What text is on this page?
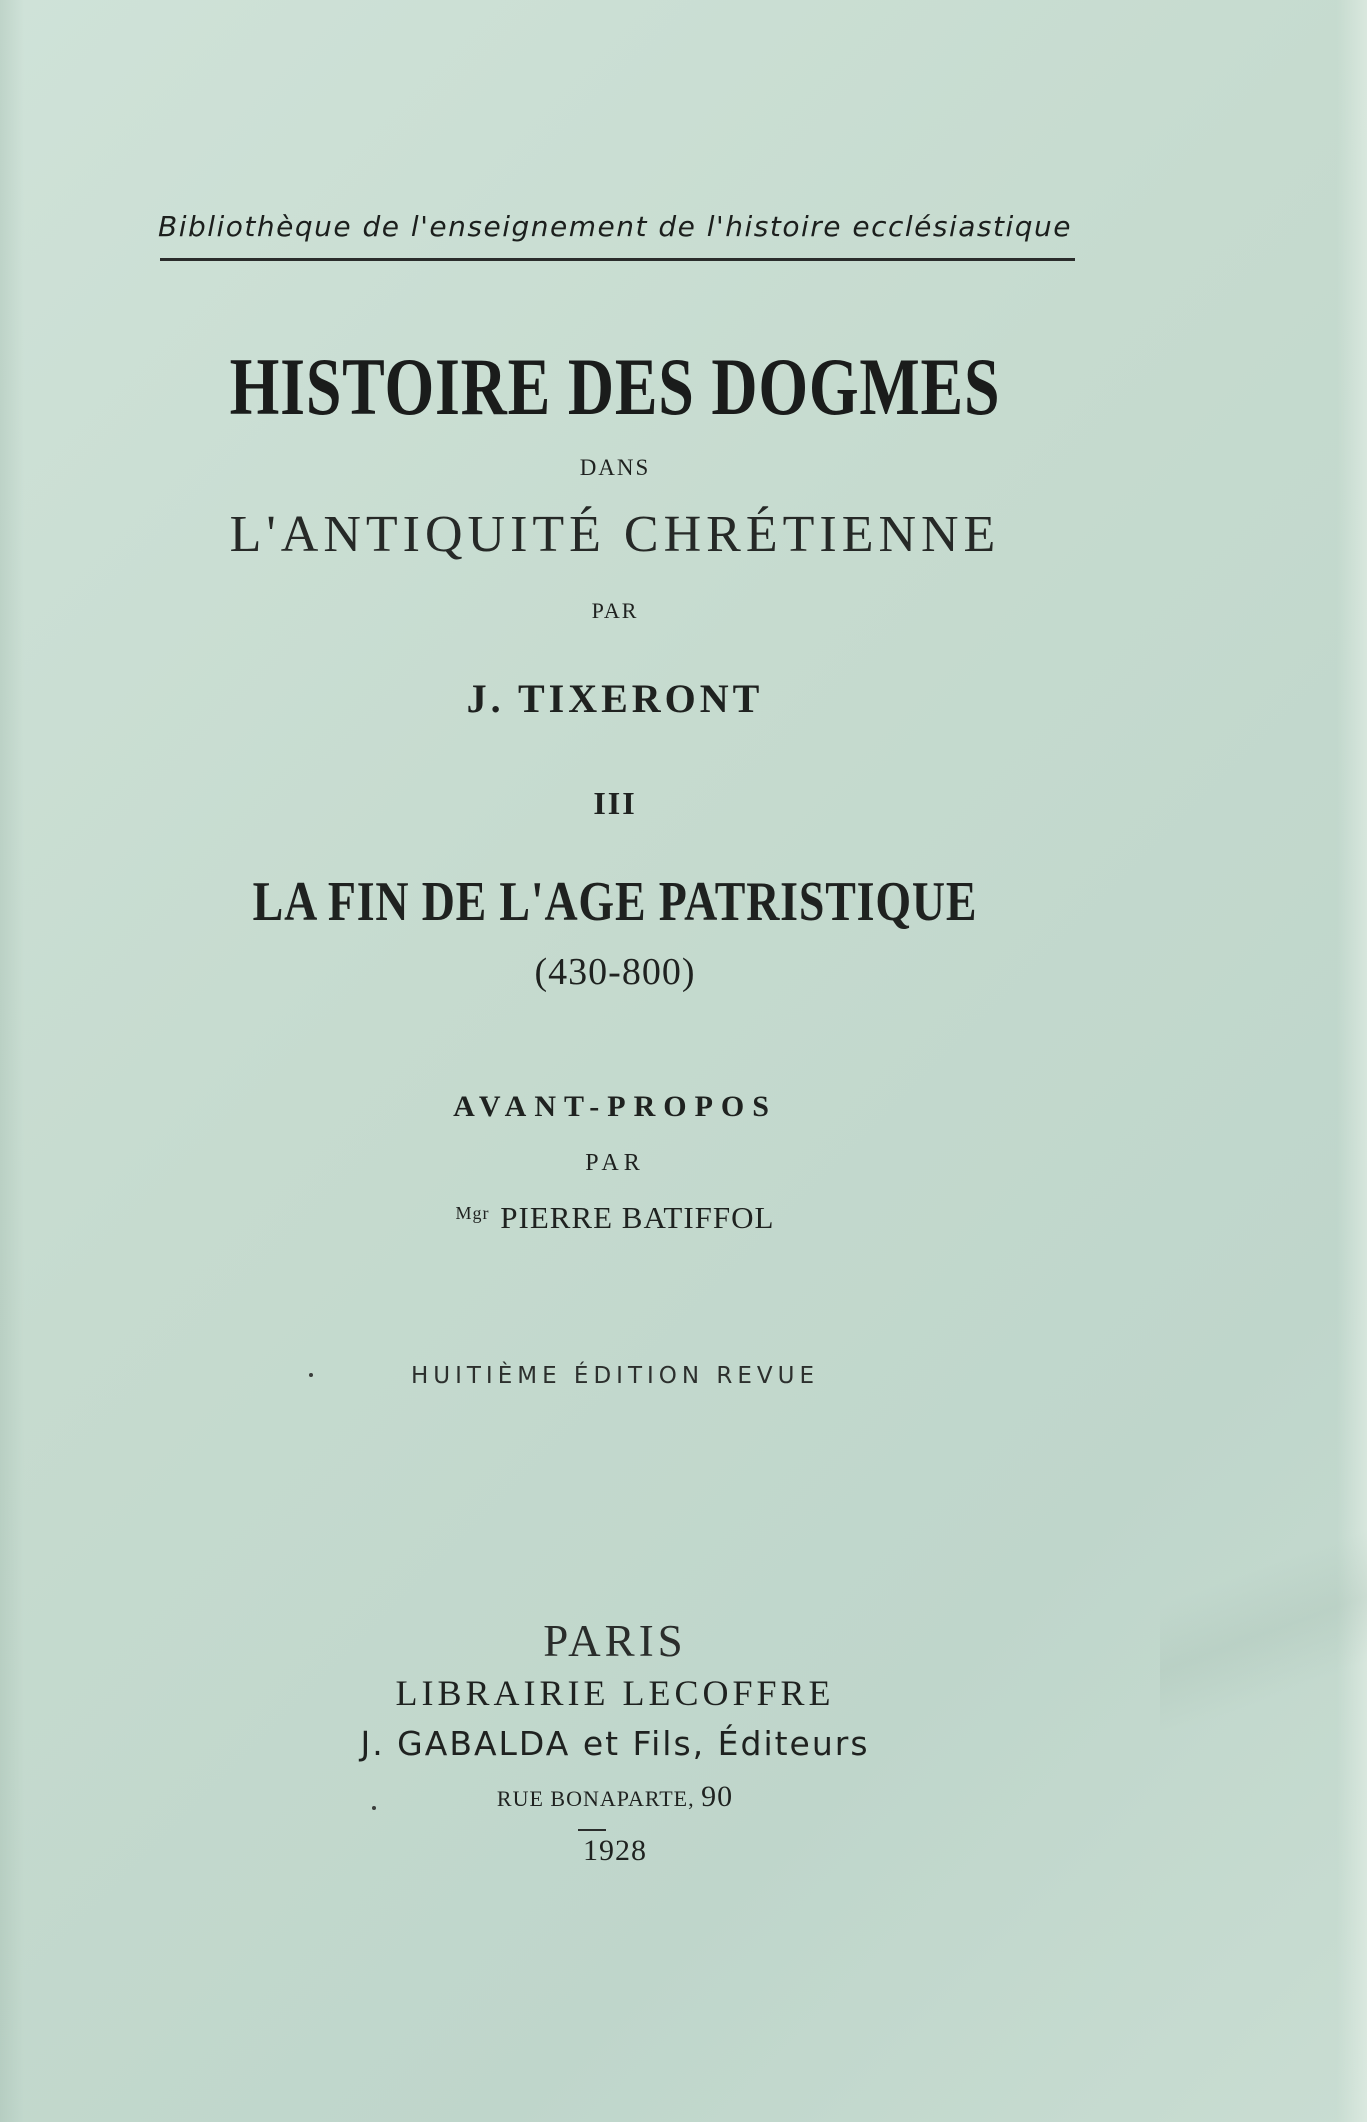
Bibliothèque de l'enseignement de l'histoire ecclésiastique
HISTOIRE DES DOGMES
DANS
L'ANTIQUITÉ CHRÉTIENNE
PAR
J. TIXERONT
III
LA FIN DE L'AGE PATRISTIQUE
(430-800)
AVANT-PROPOS
PAR
$^{Mgr}$ PIERRE BATIFFOL
HUITIÈME ÉDITION REVUE
PARIS
LIBRAIRIE LECOFFRE
J. GABALDA et Fils, Éditeurs
RUE BONAPARTE, 90
1928
